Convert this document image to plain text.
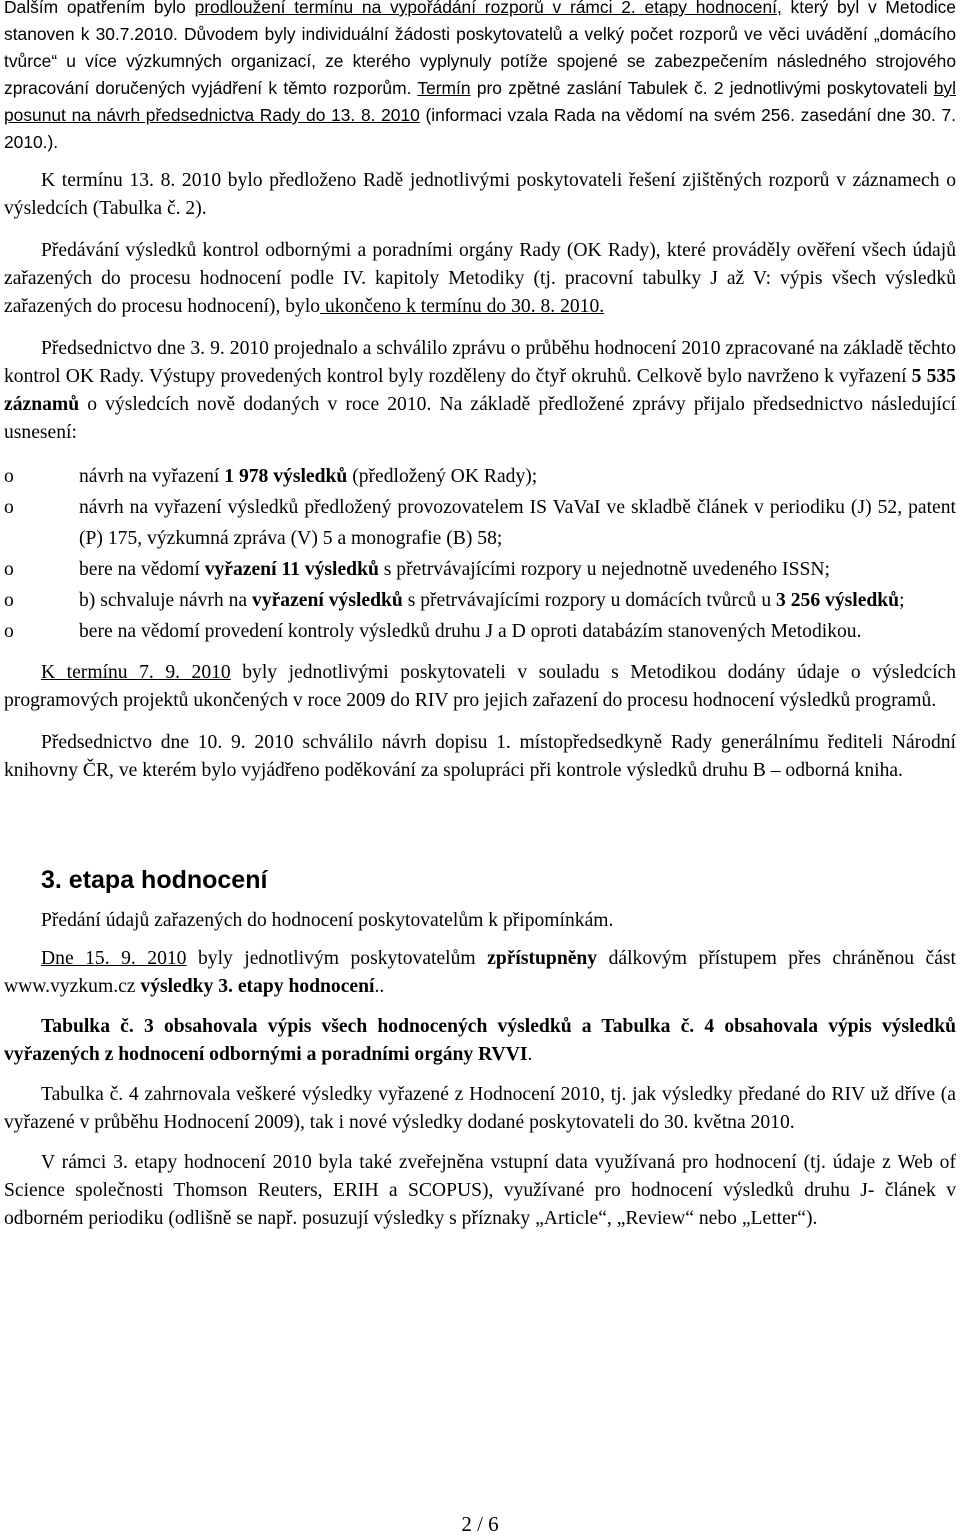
Dalším opatřením bylo prodloužení termínu na vypořádání rozporů v rámci 2. etapy hodnocení, který byl v Metodice stanoven k 30.7.2010. Důvodem byly individuální žádosti poskytovatelů a velký počet rozporů ve věci uvádění „domácího tvůrce“ u více výzkumných organizací, ze kterého vyplynuly potíže spojené se zabezpečením následného strojového zpracování doručených vyjádření k těmto rozporům. Termín pro zpětné zaslání Tabulek č. 2 jednotlivými poskytovateli byl posunut na návrh předsednictva Rady do 13. 8. 2010 (informaci vzala Rada na vědomí na svém 256. zasedání dne 30. 7. 2010.).

K termínu 13. 8. 2010 bylo předloženo Radě jednotlivými poskytovateli řešení zjištěných rozporů v záznamech o výsledcích (Tabulka č. 2).

Předávání výsledků kontrol odbornými a poradními orgány Rady (OK Rady), které prováděly ověření všech údajů zařazených do procesu hodnocení podle IV. kapitoly Metodiky (tj. pracovní tabulky J až V: výpis všech výsledků zařazených do procesu hodnocení), bylo ukončeno k termínu do 30. 8. 2010.

Předsednictvo dne 3. 9. 2010 projednalo a schválilo zprávu o průběhu hodnocení 2010 zpracované na základě těchto kontrol OK Rady. Výstupy provedených kontrol byly rozděleny do čtyř okruhů. Celkově bylo navrženo k vyřazení 5 535 záznamů o výsledcích nově dodaných v roce 2010. Na základě předložené zprávy přijalo předsednictvo následující usnesení:

o	návrh na vyřazení 1 978 výsledků (předložený OK Rady);
o	návrh na vyřazení výsledků předložený provozovatelem IS VaVaI ve skladbě článek v periodiku (J) 52, patent (P) 175, výzkumná zpráva (V) 5 a monografie (B) 58;
o	bere na vědomí vyřazení 11 výsledků s přetrvávajícími rozpory u nejednotně uvedeného ISSN;
o	b) schvaluje návrh na vyřazení výsledků s přetrvávajícími rozpory u domácích tvůrců u 3 256 výsledků;
o	bere na vědomí provedení kontroly výsledků druhu J a D oproti databázím stanovených Metodikou.

K termínu 7. 9. 2010 byly jednotlivými poskytovateli v souladu s Metodikou dodány údaje o výsledcích programových projektů ukončených v roce 2009 do RIV pro jejich zařazení do procesu hodnocení výsledků programů.

Předsednictvo dne 10. 9. 2010 schválilo návrh dopisu 1. místopředsedkyně Rady generálnímu řediteli Národní knihovny ČR, ve kterém bylo vyjádřeno poděkování za spolupráci při kontrole výsledků druhu B – odborná kniha.

3. etapa hodnocení

Předání údajů zařazených do hodnocení poskytovatelům k připomínkám.

Dne 15. 9. 2010 byly jednotlivým poskytovatelům zpřístupněny dálkovým přístupem přes chráněnou část www.vyzkum.cz výsledky 3. etapy hodnocení..

Tabulka č. 3 obsahovala výpis všech hodnocených výsledků a Tabulka č. 4 obsahovala výpis výsledků vyřazených z hodnocení odbornými a poradními orgány RVVI.

Tabulka č. 4 zahrnovala veškeré výsledky vyřazené z Hodnocení 2010, tj. jak výsledky předané do RIV už dříve (a vyřazené v průběhu Hodnocení 2009), tak i nové výsledky dodané poskytovateli do 30. května 2010.

V rámci 3. etapy hodnocení 2010 byla také zveřejněna vstupní data využívaná pro hodnocení (tj. údaje z Web of Science společnosti Thomson Reuters, ERIH a SCOPUS), využívané pro hodnocení výsledků druhu J- článek v odborném periodiku (odlišně se např. posuzují výsledky s příznaky „Article“, „Review“ nebo „Letter“).

2 / 6
